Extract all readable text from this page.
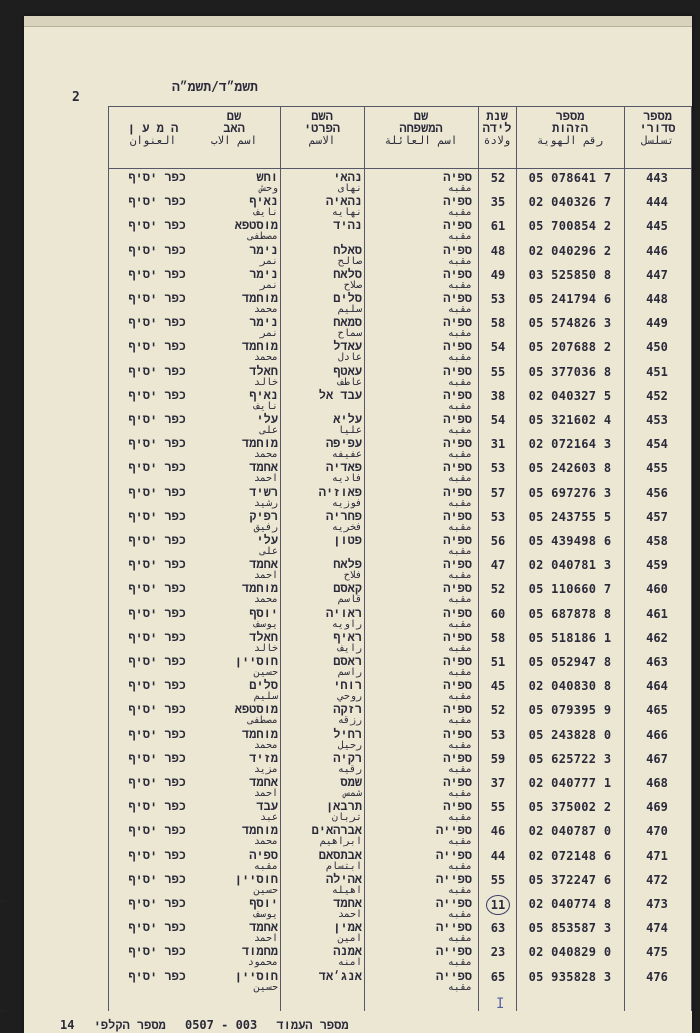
תשמ״ד/תשמ״ה
2
מספר
סדורי
تسلسل
מספר
הזהות
رقم الهوية
שנת
לידה
ولادة
שם
המשפחה
اسم العائلة
השם
הפרטי
الاسم
שם
האב
اسم الاب
ה מ ע ן
العنوان
443
05 078641 7
52
ספיה
مقبه
נהאי
نهاى
וחש
وحش
כפר יסיף
444
02 040326 7
35
ספיה
مقبه
נהאיה
نهايه
נאיף
نايف
כפר יסיף
445
05 700854 2
61
ספיה
مقبه
נהיד
מוסטפא
مصطفى
כפר יסיף
446
02 040296 2
48
ספיה
مقبه
סאלח
صالح
נימר
نمر
כפר יסיף
447
03 525850 8
49
ספיה
مقبه
סלאח
صلاح
נימר
نمر
כפר יסיף
448
05 241794 6
53
ספיה
مقبه
סלים
سليم
מוחמד
محمد
כפר יסיף
449
05 574826 3
58
ספיה
مقبه
סמאח
سماح
נימר
نمر
כפר יסיף
450
05 207688 2
54
ספיה
مقبه
עאדל
عادل
מוחמד
محمد
כפר יסיף
451
05 377036 8
55
ספיה
مقبه
עאטף
عاطف
חאלד
خالد
כפר יסיף
452
02 040327 5
38
ספיה
مقبه
עבד אל
נאיף
نايف
כפר יסיף
453
05 321602 4
54
ספיה
مقبه
עליא
عليا
עלי
على
כפר יסיף
454
02 072164 3
31
ספיה
مقبه
עפיפה
عفيفه
מוחמד
محمد
כפר יסיף
455
05 242603 8
53
ספיה
مقبه
פאדיה
فاديه
אחמד
احمد
כפר יסיף
456
05 697276 3
57
ספיה
مقبه
פאוזיה
فوزيه
רשיד
رشيد
כפר יסיף
457
05 243755 5
53
ספיה
مقبه
פחריה
فخريه
רפיק
رفيق
כפר יסיף
458
05 439498 6
56
ספיה
مقبه
פטון
עלי
على
כפר יסיף
459
02 040781 3
47
ספיה
مقبه
פלאח
فلاح
אחמד
احمد
כפר יסיף
460
05 110660 7
52
ספיה
مقبه
קאסם
قاسم
מוחמד
محمد
כפר יסיף
461
05 687878 8
60
ספיה
مقبه
ראויה
راويه
יוסף
يوسف
כפר יסיף
462
05 518186 1
58
ספיה
مقبه
ראיף
رايف
חאלד
خالد
כפר יסיף
463
05 052947 8
51
ספיה
مقبه
ראסם
راسم
חוסיין
حسين
כפר יסיף
464
02 040830 8
45
ספיה
مقبه
רוחי
روحي
סלים
سليم
כפר יסיף
465
05 079395 9
52
ספיה
مقبه
רזקה
رزقه
מוסטפא
مصطفى
כפר יסיף
466
05 243828 0
53
ספיה
مقبه
רחיל
رحيل
מוחמד
محمد
כפר יסיף
467
05 625722 3
59
ספיה
مقبه
רקיה
رقيه
מזיד
مزيد
כפר יסיף
468
02 040777 1
37
ספיה
مقبه
שמס
شمس
אחמד
احمد
כפר יסיף
469
05 375002 2
55
ספיה
مقبه
תרבאן
تربان
עבד
عبد
כפר יסיף
470
02 040787 0
46
ספייה
مقبه
אברהאים
ابراهيم
מוחמד
محمد
כפר יסיף
471
02 072148 6
44
ספייה
مقبه
אבתסאם
ابتسام
ספיה
مقبه
כפר יסיף
472
05 372247 6
55
ספייה
مقبه
אהילה
اهيله
חוסיין
حسين
כפר יסיף
473
02 040774 8
11
ספייה
مقبه
אחמד
احمد
יוסף
يوسف
כפר יסיף
474
05 853587 3
63
ספייה
مقبه
אמין
امين
אחמד
احمد
כפר יסיף
475
02 040829 0
23
ספייה
مقبه
אמנה
امنه
מחמוד
محمود
כפר יסיף
476
05 935828 3
65
ספייה
مقبه
אנג׳אד
חוסיין
حسين
כפר יסיף
I
14	מספר העמוד 003 - 0507 מספר הקלפי
